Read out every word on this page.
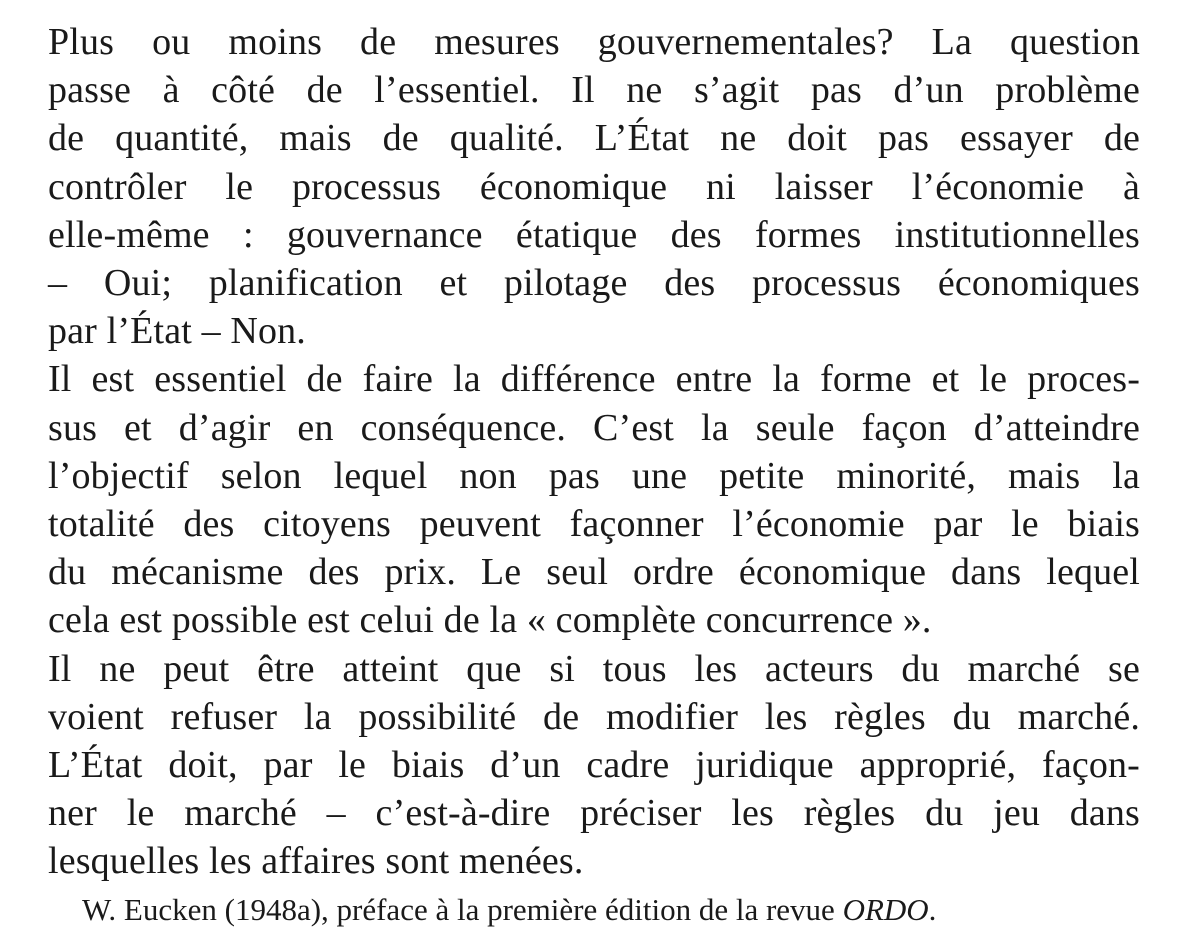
Plus ou moins de mesures gouvernementales? La question
passe à côté de l’essentiel. Il ne s’agit pas d’un problème
de quantité, mais de qualité. L’État ne doit pas essayer de
contrôler le processus économique ni laisser l’économie à
elle-même : gouvernance étatique des formes institutionnelles
– Oui; planification et pilotage des processus économiques
par l’État – Non.
Il est essentiel de faire la différence entre la forme et le proces-
sus et d’agir en conséquence. C’est la seule façon d’atteindre
l’objectif selon lequel non pas une petite minorité, mais la
totalité des citoyens peuvent façonner l’économie par le biais
du mécanisme des prix. Le seul ordre économique dans lequel
cela est possible est celui de la « complète concurrence ».
Il ne peut être atteint que si tous les acteurs du marché se
voient refuser la possibilité de modifier les règles du marché.
L’État doit, par le biais d’un cadre juridique approprié, façon-
ner le marché – c’est-à-dire préciser les règles du jeu dans
lesquelles les affaires sont menées.
W. Eucken (1948a), préface à la première édition de la revue ORDO.
